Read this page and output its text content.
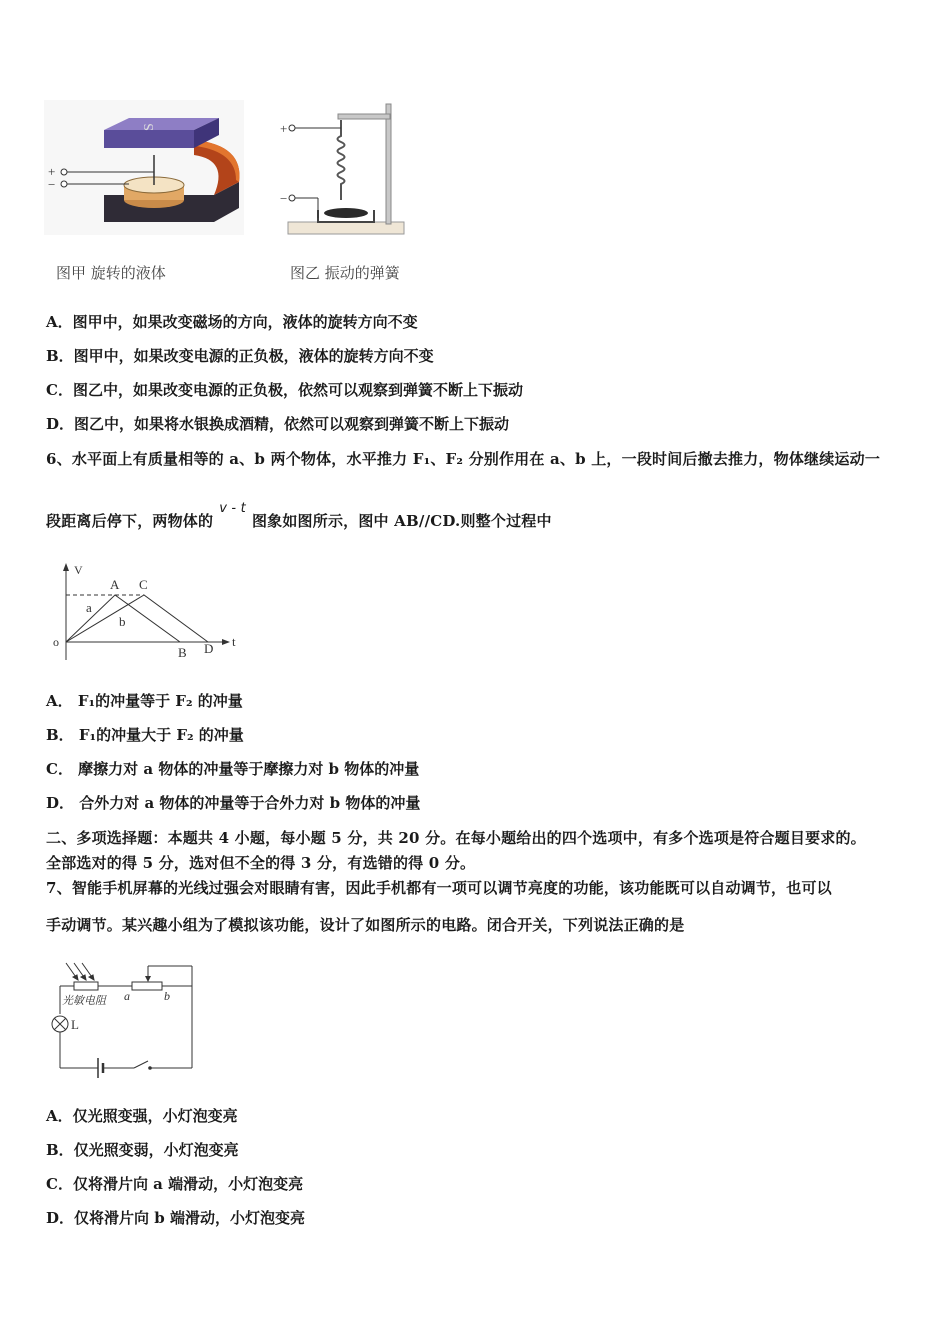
S
+
−
图甲 旋转的液体
+
−
图乙 振动的弹簧
A．图甲中，如果改变磁场的方向，液体的旋转方向不变
B．图甲中，如果改变电源的正负极，液体的旋转方向不变
C．图乙中，如果改变电源的正负极，依然可以观察到弹簧不断上下振动
D．图乙中，如果将水银换成酒精，依然可以观察到弹簧不断上下振动
6、水平面上有质量相等的 a、b 两个物体，水平推力 F₁、F₂ 分别作用在 a、b 上，一段时间后撤去推力，物体继续运动一
段距离后停下，两物体的v - t图象如图所示，图中 AB//CD.则整个过程中
V
t
o
A C
B D
a
b
A． F₁的冲量等于 F₂ 的冲量
B． F₁的冲量大于 F₂ 的冲量
C． 摩擦力对 a 物体的冲量等于摩擦力对 b 物体的冲量
D． 合外力对 a 物体的冲量等于合外力对 b 物体的冲量
二、多项选择题：本题共 4 小题，每小题 5 分，共 20 分。在每小题给出的四个选项中，有多个选项是符合题目要求的。
全部选对的得 5 分，选对但不全的得 3 分，有选错的得 0 分。
7、智能手机屏幕的光线过强会对眼睛有害，因此手机都有一项可以调节亮度的功能，该功能既可以自动调节，也可以
手动调节。某兴趣小组为了模拟该功能，设计了如图所示的电路。闭合开关，下列说法正确的是
光敏电阻
L
a	b
A．仅光照变强，小灯泡变亮
B．仅光照变弱，小灯泡变亮
C．仅将滑片向 a 端滑动，小灯泡变亮
D．仅将滑片向 b 端滑动，小灯泡变亮
